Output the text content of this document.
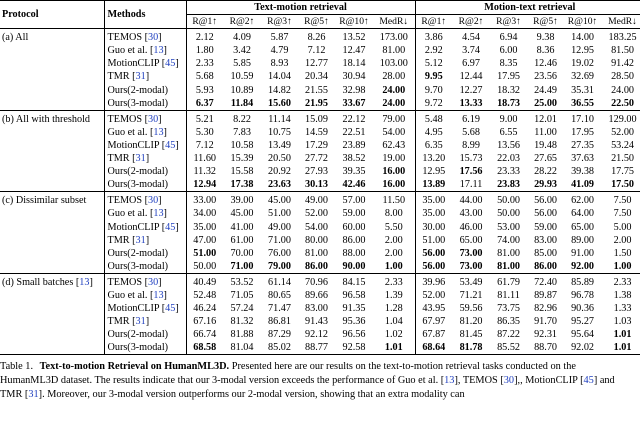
Protocol	Methods	Text-motion retrieval						Motion-text retrieval					
		R@1↑	R@2↑	R@3↑	R@5↑	R@10↑	MedR↓	R@1↑	R@2↑	R@3↑	R@5↑	R@10↑	MedR↓
(a) All	TEMOS [30]	2.12	4.09	5.87	8.26	13.52	173.00	3.86	4.54	6.94	9.38	14.00	183.25
	Guo et al. [13]	1.80	3.42	4.79	7.12	12.47	81.00	2.92	3.74	6.00	8.36	12.95	81.50
	MotionCLIP [45]	2.33	5.85	8.93	12.77	18.14	103.00	5.12	6.97	8.35	12.46	19.02	91.42
	TMR [31]	5.68	10.59	14.04	20.34	30.94	28.00	9.95	12.44	17.95	23.56	32.69	28.50
	Ours(2-modal)	5.93	10.89	14.82	21.55	32.98	24.00	9.70	12.27	18.32	24.49	35.31	24.00
	Ours(3-modal)	6.37	11.84	15.60	21.95	33.67	24.00	9.72	13.33	18.73	25.00	36.55	22.50
(b) All with threshold	TEMOS [30]	5.21	8.22	11.14	15.09	22.12	79.00	5.48	6.19	9.00	12.01	17.10	129.00
	Guo et al. [13]	5.30	7.83	10.75	14.59	22.51	54.00	4.95	5.68	6.55	11.00	17.95	52.00
	MotionCLIP [45]	7.12	10.58	13.49	17.29	23.89	62.43	6.35	8.99	13.56	19.48	27.35	53.24
	TMR [31]	11.60	15.39	20.50	27.72	38.52	19.00	13.20	15.73	22.03	27.65	37.63	21.50
	Ours(2-modal)	11.32	15.58	20.92	27.93	39.35	16.00	12.95	17.56	23.33	28.22	39.38	17.75
	Ours(3-modal)	12.94	17.38	23.63	30.13	42.46	16.00	13.89	17.11	23.83	29.93	41.09	17.50
(c) Dissimilar subset	TEMOS [30]	33.00	39.00	45.00	49.00	57.00	11.50	35.00	44.00	50.00	56.00	62.00	7.50
	Guo et al. [13]	34.00	45.00	51.00	52.00	59.00	8.00	35.00	43.00	50.00	56.00	64.00	7.50
	MotionCLIP [45]	35.00	41.00	49.00	54.00	60.00	5.50	30.00	46.00	53.00	59.00	65.00	5.00
	TMR [31]	47.00	61.00	71.00	80.00	86.00	2.00	51.00	65.00	74.00	83.00	89.00	2.00
	Ours(2-modal)	51.00	70.00	76.00	81.00	88.00	2.00	56.00	73.00	81.00	85.00	91.00	1.50
	Ours(3-modal)	50.00	71.00	79.00	86.00	90.00	1.00	56.00	73.00	81.00	86.00	92.00	1.00
(d) Small batches [13]	TEMOS [30]	40.49	53.52	61.14	70.96	84.15	2.33	39.96	53.49	61.79	72.40	85.89	2.33
	Guo et al. [13]	52.48	71.05	80.65	89.66	96.58	1.39	52.00	71.21	81.11	89.87	96.78	1.38
	MotionCLIP [45]	46.24	57.24	71.47	83.00	91.35	1.28	43.95	59.56	73.75	82.96	90.36	1.33
	TMR [31]	67.16	81.32	86.81	91.43	95.36	1.04	67.97	81.20	86.35	91.70	95.27	1.03
	Ours(2-modal)	66.74	81.88	87.29	92.12	96.56	1.02	67.87	81.45	87.22	92.31	95.64	1.01
	Ours(3-modal)	68.58	81.04	85.02	88.77	92.58	1.01	68.64	81.78	85.52	88.70	92.02	1.01
Table 1. Text-to-motion Retrieval on HumanML3D. Presented here are our results on the text-to-motion retrieval tasks conducted on the HumanML3D dataset. The results indicate that our 3-modal version exceeds the performance of Guo et al. [13], TEMOS [30],, MotionCLIP [45] and TMR [31]. Moreover, our 3-modal version outperforms our 2-modal version, showing that an extra modality can
